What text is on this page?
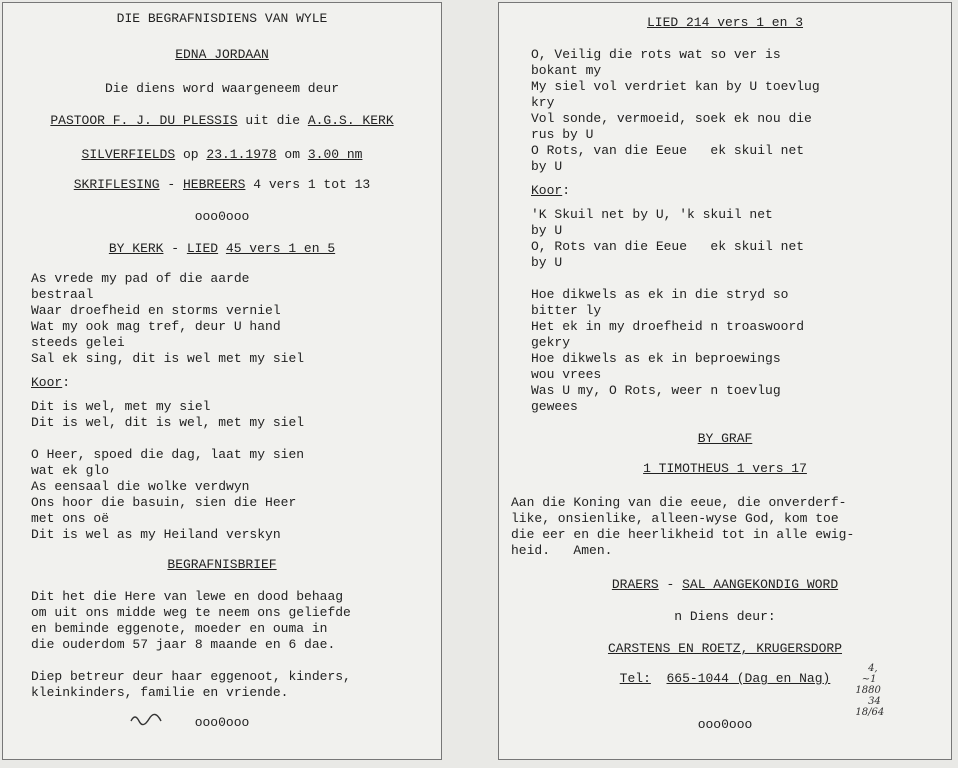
DIE BEGRAFNISDIENS VAN WYLE
EDNA JORDAAN
Die diens word waargeneem deur
PASTOOR F. J. DU PLESSIS uit die A.G.S. KERK
SILVERFIELDS op 23.1.1978 om 3.00 nm
SKRIFLESING - HEBREERS 4 vers 1 tot 13
ooo0ooo
BY KERK - LIED 45 vers 1 en 5
As vrede my pad of die aarde
bestraal
Waar droefheid en storms verniel
Wat my ook mag tref, deur U hand
steeds gelei
Sal ek sing, dit is wel met my siel
Koor:
Dit is wel, met my siel
Dit is wel, dit is wel, met my siel
O Heer, spoed die dag, laat my sien
wat ek glo
As eensaal die wolke verdwyn
Ons hoor die basuin, sien die Heer
met ons oë
Dit is wel as my Heiland verskyn
BEGRAFNISBRIEF
Dit het die Here van lewe en dood behaag
om uit ons midde weg te neem ons geliefde
en beminde eggenote, moeder en ouma in
die ouderdom 57 jaar 8 maande en 6 dae.
Diep betreur deur haar eggenoot, kinders,
kleinkinders, familie en vriende.
ooo0ooo
LIED 214 vers 1 en 3
O, Veilig die rots wat so ver is
bokant my
My siel vol verdriet kan by U toevlug
kry
Vol sonde, vermoeid, soek ek nou die
rus by U
O Rots, van die Eeue   ek skuil net
by U
Koor:
'K Skuil net by U, 'k skuil net
by U
O, Rots van die Eeue   ek skuil net
by U
Hoe dikwels as ek in die stryd so
bitter ly
Het ek in my droefheid n troaswoord
gekry
Hoe dikwels as ek in beproewings
wou vrees
Was U my, O Rots, weer n toevlug
gewees
BY GRAF
1 TIMOTHEUS 1 vers 17
Aan die Koning van die eeue, die onverderf-
like, onsienlike, alleen-wyse God, kom toe
die eer en die heerlikheid tot in alle ewig-
heid.   Amen.
DRAERS - SAL AANGEKONDIG WORD
n Diens deur:
CARSTENS EN ROETZ, KRUGERSDORP
Tel: 665-1044 (Dag en Nag)
4,
~1
1880
34
18/64
ooo0ooo
